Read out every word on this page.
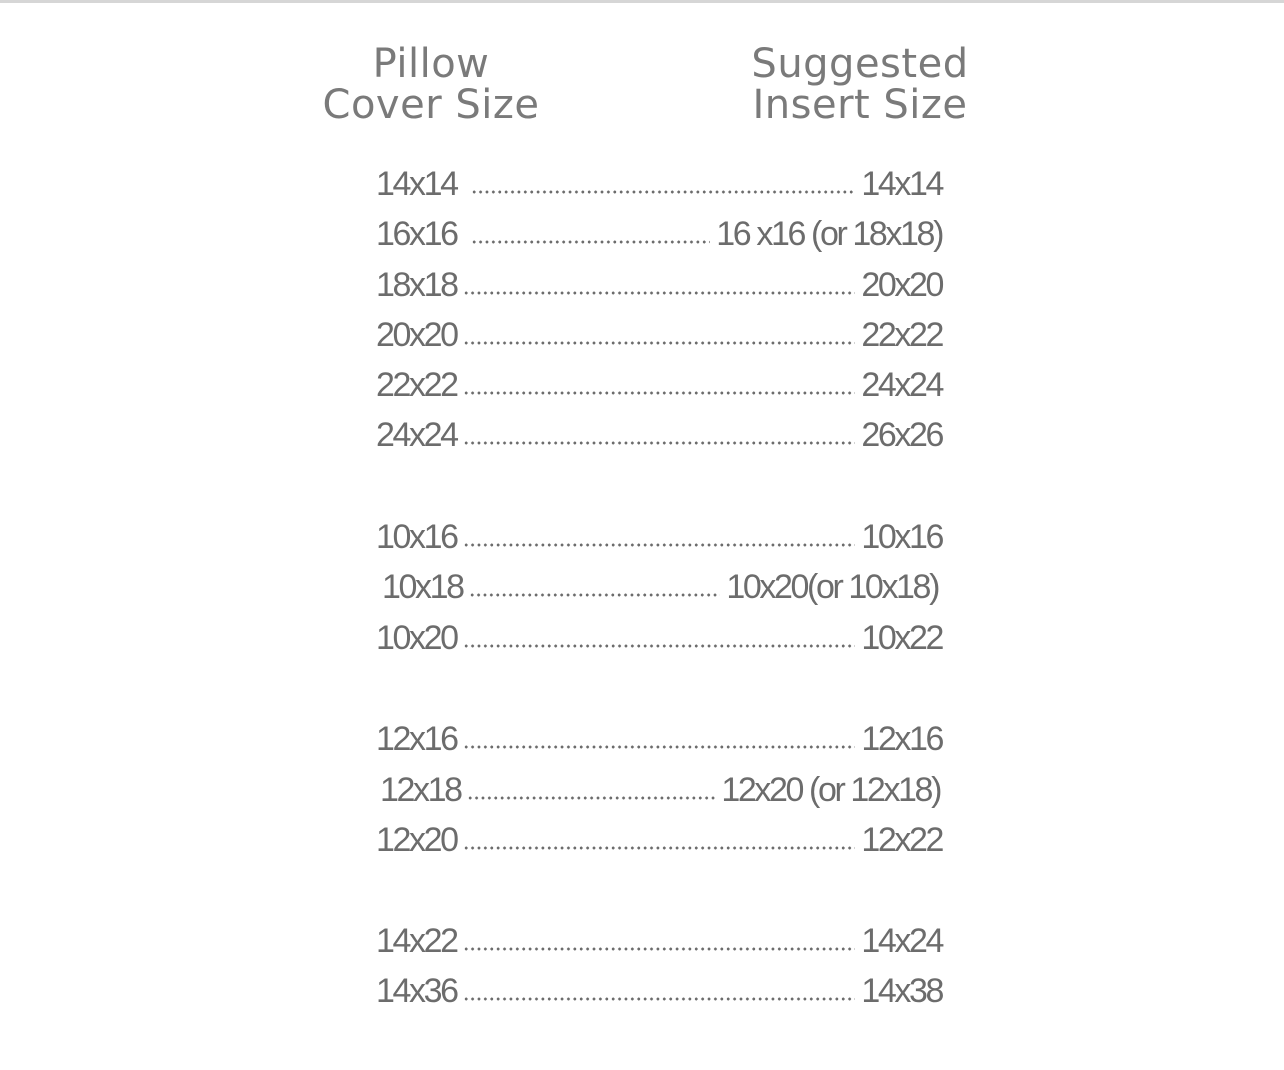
Pillow
Cover Size
Suggested
Insert Size
14x14	14x14
16x16	16 x16 (or 18x18)
18x18	20x20
20x20	22x22
22x22	24x24
24x24	26x26
10x16	10x16
10x18	10x20(or 10x18)
10x20	10x22
12x16	12x16
12x18	12x20 (or 12x18)
12x20	12x22
14x22	14x24
14x36	14x38
